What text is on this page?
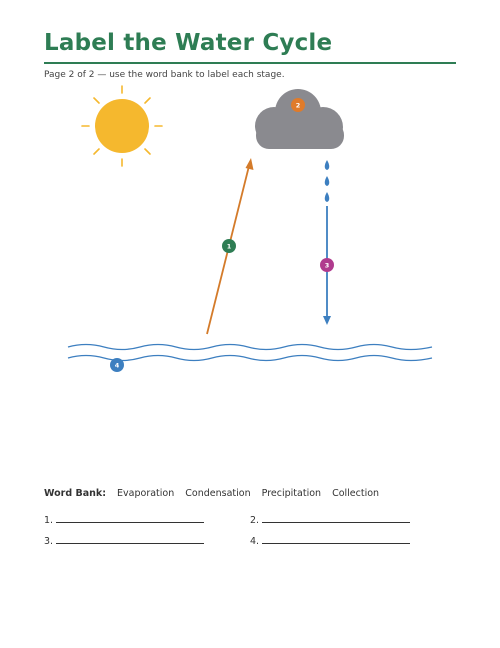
Label the Water Cycle
Page 2 of 2 — use the word bank to label each stage.
2
1
3
4
Word Bank: Evaporation Condensation Precipitation Collection
1.	2.
3.	4.
